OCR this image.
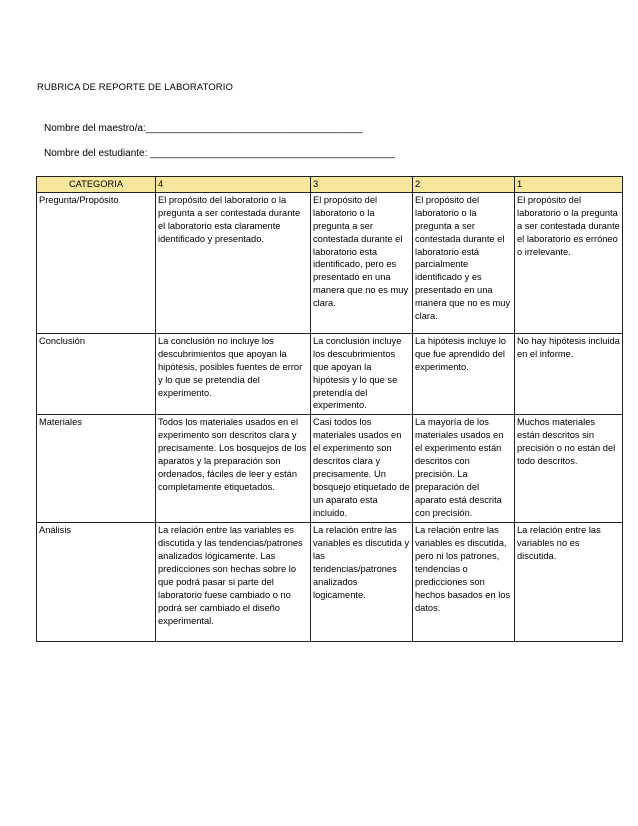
RUBRICA DE REPORTE DE LABORATORIO
Nombre del maestro/a:_______________________________________
Nombre del estudiante: ____________________________________________
CATEGORIA	4	3	2	1
Pregunta/Propósito	El propósito del laboratorio o la pregunta a ser contestada durante el laboratorio esta claramente identificado y presentado.	El propósito del laboratorio o la pregunta a ser contestada durante el laboratorio esta identificado, pero es presentado en una manera que no es muy clara.	El propósito del laboratorio o la pregunta a ser contestada durante el laboratorio está parcialmente identificado y es presentado en una manera que no es muy clara.	El propósito del laboratorio o la pregunta a ser contestada durante el laboratorio es erróneo o irrelevante.
Conclusión	La conclusión no incluye los descubrimientos que apoyan la hipótesis, posibles fuentes de error y lo que se pretendía del experimento.	La conclusión incluye los descubrimientos que apoyan la hipótesis y lo que se pretendía del experimento.	La hipótesis incluye lo que fue aprendido del experimento.	No hay hipótesis incluida en el informe.
Materiales	Todos los materiales usados en el experimento son descritos clara y precisamente. Los bosquejos de los aparatos y la preparación son ordenados, fáciles de leer y están completamente etiquetados.	Casi todos los materiales usados en el experimento son descritos clara y precisamente. Un bosquejo etiquetado de un aparato esta incluido.	La mayoría de los materiales usados en el experimento están descritos con precisión. La preparación del aparato está descrita con precisión.	Muchos materiales están descritos sin precisión o no están del todo descritos.
Análisis	La relación entre las variables es discutida y las tendencias/patrones analizados lógicamente. Las predicciones son hechas sobre lo que podrá pasar si parte del laboratorio fuese cambiado o no podrá ser cambiado el diseño experimental.	La relación entre las variables es discutida y las tendencias/patrones analizados logicamente.	La relación entre las variables es discutida, pero ni los patrones, tendencias o predicciones son hechos basados en los datos.	La relación entre las variables no es discutida.
